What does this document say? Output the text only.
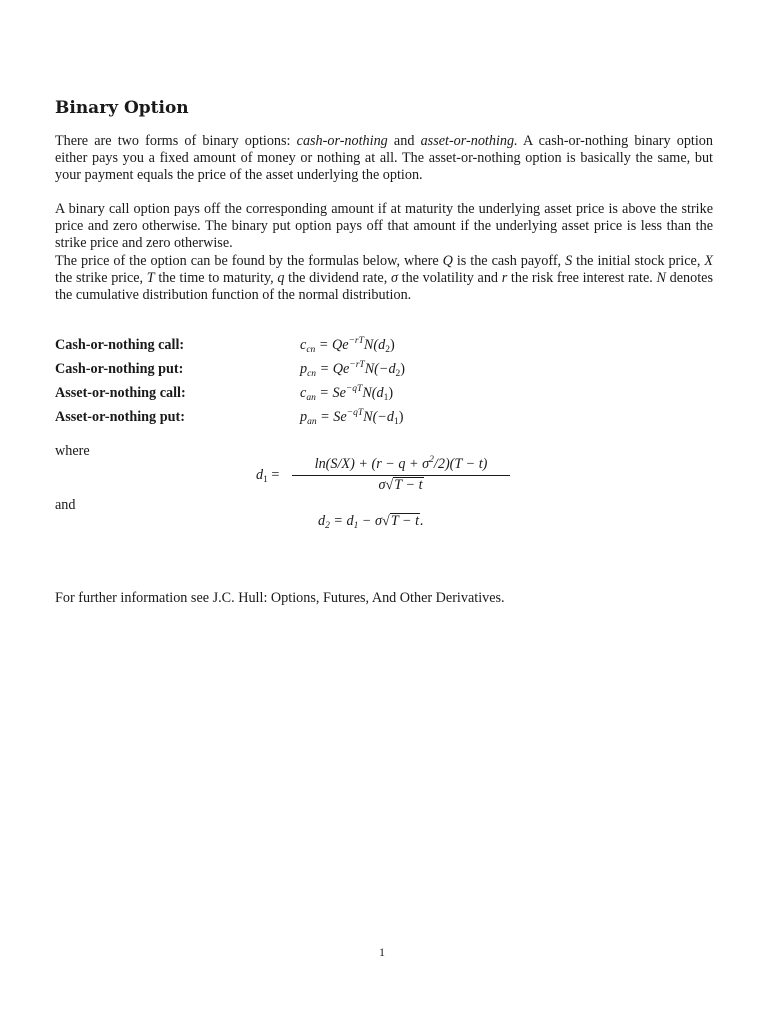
Binary Option

There are two forms of binary options: cash-or-nothing and asset-or-nothing. A cash-or-nothing binary option either pays you a fixed amount of money or nothing at all. The asset-or-nothing option is basically the same, but your payment equals the price of the asset underlying the option.

A binary call option pays off the corresponding amount if at maturity the underlying asset price is above the strike price and zero otherwise. The binary put option pays off that amount if the underlying asset price is less than the strike price and zero otherwise.

The price of the option can be found by the formulas below, where Q is the cash payoff, S the initial stock price, X the strike price, T the time to maturity, q the dividend rate, σ the volatility and r the risk free interest rate. N denotes the cumulative distribution function of the normal distribution.

Cash-or-nothing call:	$c_{cn} = Qe^{-rT}N(d_2)$
Cash-or-nothing put:	$p_{cn} = Qe^{-rT}N(-d_2)$
Asset-or-nothing call:	$c_{an} = Se^{-qT}N(d_1)$
Asset-or-nothing put:	$p_{an} = Se^{-qT}N(-d_1)$
where
$d_1$ =
$\ln(S/X) + (r - q + \sigma^2/2)(T - t)$
σ√T − t
and
$d_2 = d_1 - \sigma√T - t$.
For further information see J.C. Hull: Options, Futures, And Other Derivatives.
1
